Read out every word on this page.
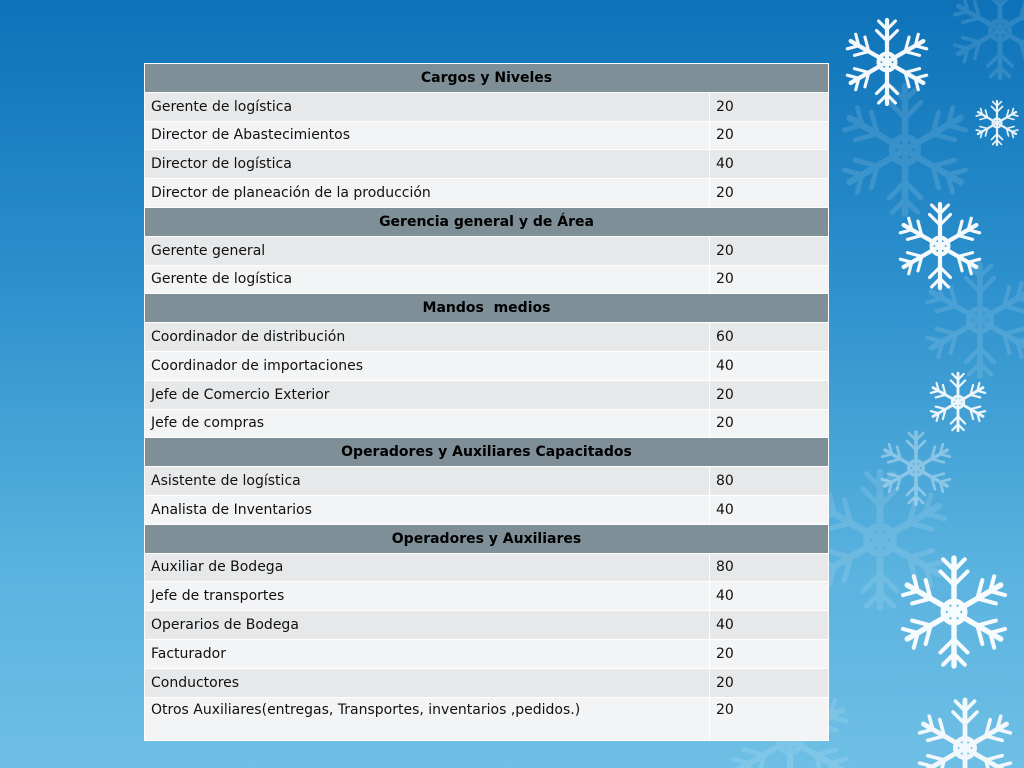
Cargos y Niveles	
Gerente de logística	20
Director de Abastecimientos	20
Director de logística	40
Director de planeación de la producción	20
Gerencia general y de Área	
Gerente general	20
Gerente de logística	20
Mandos  medios	
Coordinador de distribución	60
Coordinador de importaciones	40
Jefe de Comercio Exterior	20
Jefe de compras	20
Operadores y Auxiliares Capacitados	
Asistente de logística	80
Analista de Inventarios	40
Operadores y Auxiliares	
Auxiliar de Bodega	80
Jefe de transportes	40
Operarios de Bodega	40
Facturador	20
Conductores	20
Otros Auxiliares(entregas, Transportes, inventarios ,pedidos.)	20
